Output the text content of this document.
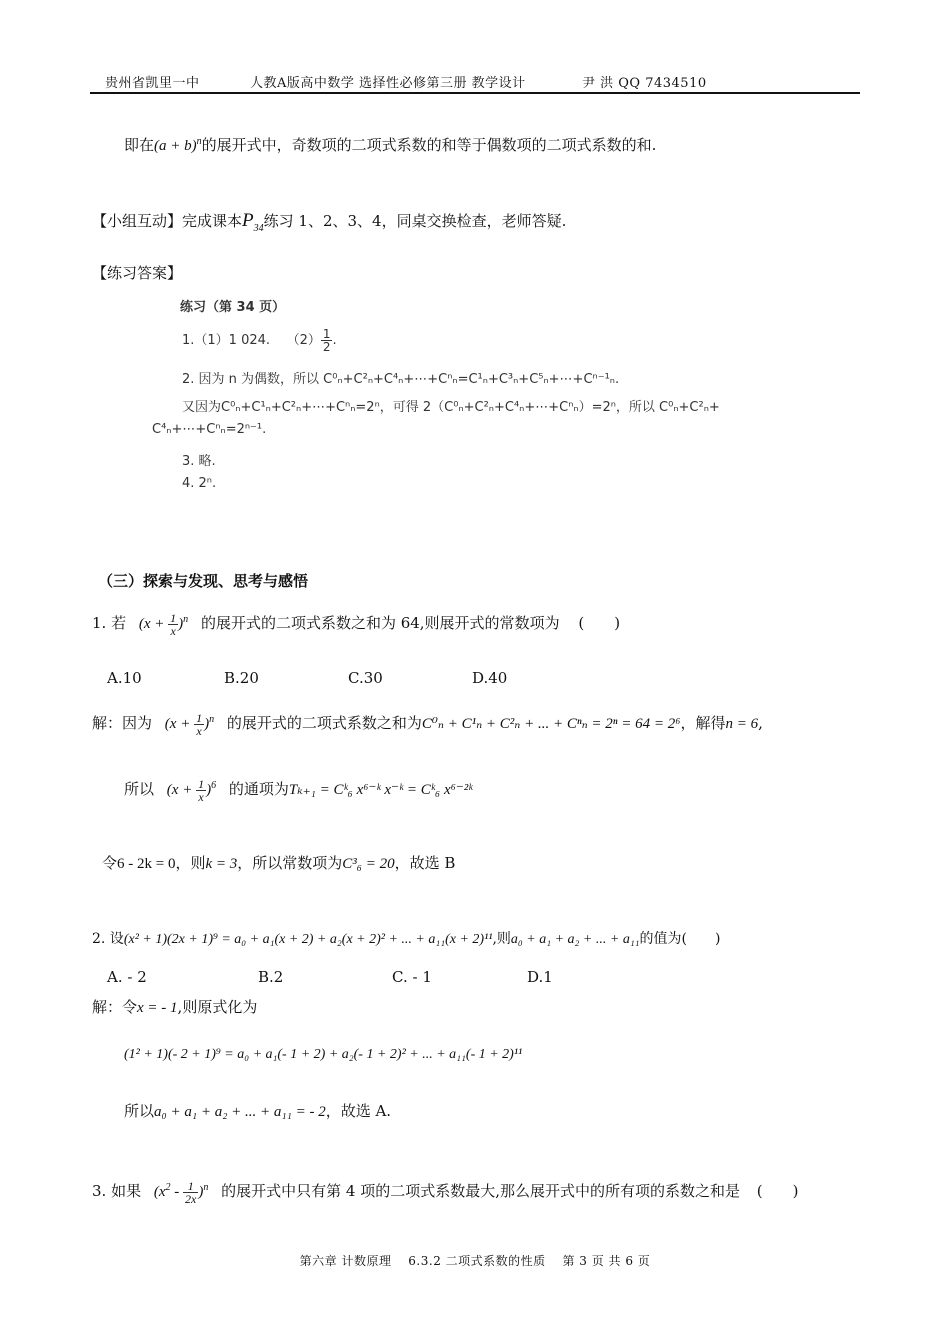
贵州省凯里一中	人教A版高中数学 选择性必修第三册 教学设计	尹 洪 QQ 7434510
即在$(a + b)^n$的展开式中，奇数项的二项式系数的和等于偶数项的二项式系数的和.
【小组互动】完成课本$P_{34}$练习 1、2、3、4，同桌交换检查，老师答疑.
【练习答案】
练习（第 34 页）
1.（1）1 024. $(2) \frac{1}{2}$ .
2. 因为 n 为偶数，所以 C⁰ₙ+C²ₙ+C⁴ₙ+⋯+Cⁿₙ=C¹ₙ+C³ₙ+C⁵ₙ+⋯+Cⁿ⁻¹ₙ.
又因为C⁰ₙ+C¹ₙ+C²ₙ+⋯+Cⁿₙ=2ⁿ，可得 2（C⁰ₙ+C²ₙ+C⁴ₙ+⋯+Cⁿₙ）=2ⁿ，所以 C⁰ₙ+C²ₙ+
C⁴ₙ+⋯+Cⁿₙ=2ⁿ⁻¹.
3. 略.
4. 2ⁿ.
（三）探索与发现、思考与感悟
1. 若 $(x + \frac{1}{x} )^n$ 的展开式的二项式系数之和为 64,则展开式的常数项为 (　　)
A.10	B.20	C.30	D.40
解：因为 $(x + \frac{1}{x} )^n$ 的展开式的二项式系数之和为C⁰ₙ + C¹ₙ + C²ₙ + ... + Cⁿₙ = 2ⁿ = 64 = 2⁶，解得n = 6,
所以 $(x + \frac{1}{x} )^6$ 的通项为Tₖ₊₁ = Cᵏ₆ x⁶⁻ᵏ x⁻ᵏ = Cᵏ₆ x⁶⁻²ᵏ
令6 - 2k = 0，则k = 3，所以常数项为C³₆ = 20，故选 B
2. 设(x² + 1)(2x + 1)⁹ = a₀ + a₁(x + 2) + a₂(x + 2)² + ... + a₁₁(x + 2)¹¹,则a₀ + a₁ + a₂ + ... + a₁₁的值为(　　)
A. - 2	B.2	C. - 1	D.1
解：令x = - 1,则原式化为
(1² + 1)(- 2 + 1)⁹ = a₀ + a₁(- 1 + 2) + a₂(- 1 + 2)² + ... + a₁₁(- 1 + 2)¹¹
所以a₀ + a₁ + a₂ + ... + a₁₁ = - 2，故选 A.
3. 如果 $(x^2 - \frac{1}{2x} )^n$ 的展开式中只有第 4 项的二项式系数最大,那么展开式中的所有项的系数之和是 (　　)
第六章 计数原理　 6.3.2 二项式系数的性质　 第 3 页 共 6 页
